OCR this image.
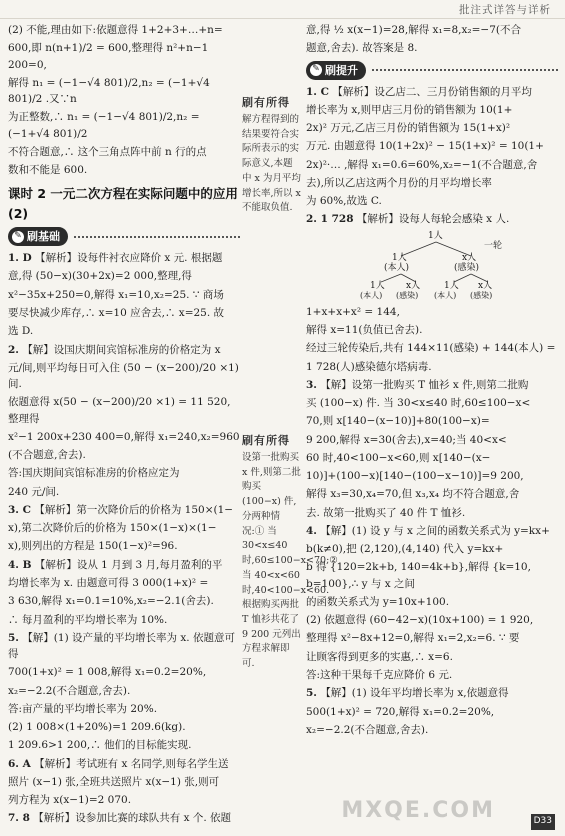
批注式详答与详析

(2) 不能,理由如下:依题意得 1+2+3+…+n=

600,即 n(n+1)/2 = 600,整理得 n²+n−1 200=0,

解得 n₁ = (−1−√4 801)/2,n₂ = (−1+√4 801)/2 .又∵n

为正整数,∴ n₁ = (−1−√4 801)/2,n₂ = (−1+√4 801)/2

不符合题意,∴ 这个三角点阵中前 n 行的点

数和不能是 600.

课时 2 一元二次方程在实际问题中的应用(2)
✎ 刷基础

1. D 【解析】设每件衬衣应降价 x 元. 根据题

意,得 (50−x)(30+2x)=2 000,整理,得

x²−35x+250=0,解得 x₁=10,x₂=25. ∵ 商场

要尽快减少库存,∴ x=10 应舍去,∴ x=25. 故

选 D.

2. 【解】设国庆期间宾馆标准房的价格定为 x

元/间,则平均每日可入住 (50 − (x−200)/20 ×1) 间.

依题意得 x(50 − (x−200)/20 ×1) = 11 520,整理得

x²−1 200x+230 400=0,解得 x₁=240,x₂=960

(不合题意,舍去).

答:国庆期间宾馆标准房的价格应定为

240 元/间.

3. C 【解析】第一次降价后的价格为 150×(1−

x),第二次降价后的价格为 150×(1−x)×(1−

x),则列出的方程是 150(1−x)²=96.

4. B 【解析】设从 1 月到 3 月,每月盈利的平

均增长率为 x. 由题意可得 3 000(1+x)² =

3 630,解得 x₁=0.1=10%,x₂=−2.1(舍去).

∴ 每月盈利的平均增长率为 10%.

5. 【解】(1) 设产量的平均增长率为 x. 依题意可得

700(1+x)² = 1 008,解得 x₁=0.2=20%,

x₂=−2.2(不合题意,舍去).

答:亩产量的平均增长率为 20%.

(2) 1 008×(1+20%)=1 209.6(kg).

1 209.6>1 200,∴ 他们的目标能实现.

6. A 【解析】考试班有 x 名同学,则每名学生送

照片 (x−1) 张,全班共送照片 x(x−1) 张,则可

列方程为 x(x−1)=2 070.

7. 8 【解析】设参加比赛的球队共有 x 个. 依题

刷有所得
解方程得到的结果要符合实际所表示的实际意义,本题中 x 为月平均增长率,所以 x 不能取负值.
刷有所得
设第一批购买 x 件,则第二批购买 (100−x) 件,分两种情况:① 当 30<x≤40 时,60≤100−x<70;② 当 40<x<60 时,40<100−x<60. 根据购买两批 T 恤衫共花了 9 200 元列出方程求解即可.

意,得 ½ x(x−1)=28,解得 x₁=8,x₂=−7(不合

题意,舍去). 故答案是 8.

✎ 刷提升

1. C 【解析】设乙店二、三月份销售额的月平均

增长率为 x,则甲店三月份的销售额为 10(1+

2x)² 万元,乙店三月份的销售额为 15(1+x)²

万元. 由题意得 10(1+2x)² − 15(1+x)² = 10(1+

2x)²·… ,解得 x₁=0.6=60%,x₂=−1(不合题意,舍

去),所以乙店这两个月份的月平均增长率

为 60%,故选 C.

2. 1 728 【解析】设每人每轮会感染 x 人.

1人
一轮
1人
(本人)
x人
(感染)
1人 x人	1人 x人
(本人) (感染) (本人) (感染)

1+x+x+x² = 144,

解得 x=11(负值已舍去).

经过三轮传染后,共有 144×11(感染) + 144(本人) =

1 728(人)感染德尔塔病毒.

3. 【解】设第一批购买 T 恤衫 x 件,则第二批购

买 (100−x) 件. 当 30<x≤40 时,60≤100−x<

70,则 x[140−(x−10)]+80(100−x)=

9 200,解得 x=30(舍去),x=40;当 40<x<

60 时,40<100−x<60,则 x[140−(x−

10)]+(100−x)[140−(100−x−10)]=9 200,

解得 x₃=30,x₄=70,但 x₃,x₄ 均不符合题意,舍

去. 故第一批购买了 40 件 T 恤衫.

4. 【解】(1) 设 y 与 x 之间的函数关系式为 y=kx+

b(k≠0),把 (2,120),(4,140) 代入 y=kx+

b 得 {120=2k+b, 140=4k+b},解得 {k=10, b=100},∴ y 与 x 之间

的函数关系式为 y=10x+100.

(2) 依题意得 (60−42−x)(10x+100) = 1 920,

整理得 x²−8x+12=0,解得 x₁=2,x₂=6. ∵ 要

让顾客得到更多的实惠,∴ x=6.

答:这种干果每千克应降价 6 元.

5. 【解】(1) 设年平均增长率为 x,依题意得

500(1+x)² = 720,解得 x₁=0.2=20%,

x₂=−2.2(不合题意,舍去).

MXQE.COM	D33
